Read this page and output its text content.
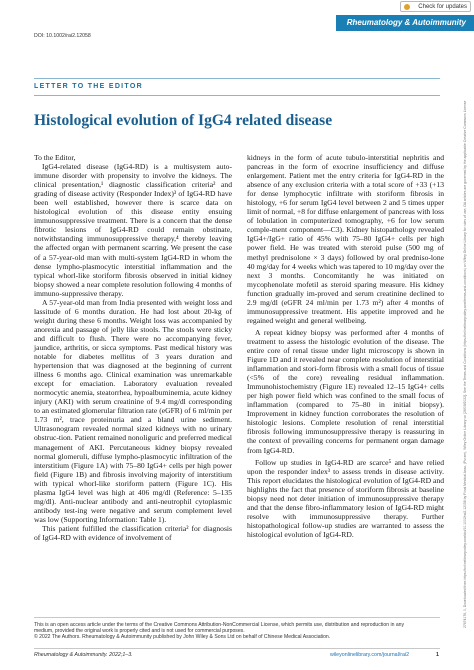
Check for updates
Rheumatology & Autoimmunity
DOI: 10.1002/rai2.12058
LETTER TO THE EDITOR
Histological evolution of IgG4 related disease

To the Editor,

IgG4-related disease (IgG4-RD) is a multisystem auto-immune disorder with propensity to involve the kidneys. The clinical presentation,¹ diagnostic classification criteria² and grading of disease activity (Responder Index)³ of IgG4-RD have been well established, however there is scarce data on histological evolution of this disease entity ensuing immunosuppressive treatment. There is a concern that the dense fibrotic lesions of IgG4-RD could remain obstinate, notwithstanding immunosuppressive therapy,⁴ thereby leaving the affected organ with permanent scarring. We present the case of a 57-year-old man with multi-system IgG4-RD in whom the dense lympho-plasmocytic interstitial inflammation and the typical whorl-like storiform fibrosis observed in initial kidney biopsy showed a near complete resolution following 4 months of immuno-suppressive therapy.

A 57-year-old man from India presented with weight loss and lassitude of 6 months duration. He had lost about 20-kg of weight during these 6 months. Weight loss was accompanied by anorexia and passage of jelly like stools. The stools were sticky and difficult to flush. There were no accompanying fever, jaundice, arthritis, or sicca symptoms. Past medical history was notable for diabetes mellitus of 3 years duration and hypertension that was diagnosed at the beginning of current illness 6 months ago. Clinical examination was unremarkable except for emaciation. Laboratory evaluation revealed normocytic anemia, steatorrhea, hypoalbuminemia, acute kidney injury (AKI) with serum creatinine of 9.4 mg/dl corresponding to an estimated glomerular filtration rate (eGFR) of 6 ml/min per 1.73 m², trace proteinuria and a bland urine sediment. Ultrasonogram revealed normal sized kidneys with no urinary obstruc-tion. Patient remained nonoliguric and preferred medical management of AKI. Percutaneous kidney biopsy revealed normal glomeruli, diffuse lympho-plasmocytic infiltration of the interstitium (Figure 1A) with 75–80 IgG4+ cells per high power field (Figure 1B) and fibrosis involving majority of interstitium with typical whorl-like storiform pattern (Figure 1C). His plasma IgG4 level was high at 406 mg/dl (Reference: 5–135 mg/dl). Anti-nuclear antibody and anti-neutrophil cytoplasmic antibody test-ing were negative and serum complement level was low (Supporting Information: Table 1).

This patient fulfilled the classification criteria² for diagnosis of IgG4-RD with evidence of involvement of

kidneys in the form of acute tubulo-interstitial nephritis and pancreas in the form of exocrine insufficiency and diffuse enlargement. Patient met the entry criteria for IgG4-RD in the absence of any exclusion criteria with a total score of +33 (+13 for dense lymphocytic infiltrate with storiform fibrosis in histology, +6 for serum IgG4 level between 2 and 5 times upper limit of normal, +8 for diffuse enlargement of pancreas with loss of lobulation in computerized tomography, +6 for low serum comple-ment component—C3). Kidney histopathology revealed IgG4+/IgG+ ratio of 45% with 75–80 IgG4+ cells per high power field. He was treated with steroid pulse (500 mg of methyl prednisolone × 3 days) followed by oral predniso-lone 40 mg/day for 4 weeks which was tapered to 10 mg/day over the next 3 months. Concomitantly he was initiated on mycophenolate mofetil as steroid sparing measure. His kidney function gradually im-proved and serum creatinine declined to 2.9 mg/dl (eGFR 24 ml/min per 1.73 m²) after 4 months of immunosuppressive treatment. His appetite improved and he regained weight and general wellbeing.

A repeat kidney biopsy was performed after 4 months of treatment to assess the histologic evolution of the disease. The entire core of renal tissue under light microscopy is shown in Figure 1D and it revealed near complete resolution of interstitial inflammation and stori-form fibrosis with a small focus of tissue (<5% of the core) revealing residual inflammation. Immunohistochemistry (Figure 1E) revealed 12–15 IgG4+ cells per high power field which was confined to the small focus of inflammation (compared to 75–80 in initial biopsy). Improvement in kidney function corroborates the resolution of histologic lesions. Complete resolution of renal interstitial fibrosis following immunosuppressive therapy is reassuring in the context of prevailing concerns for permanent organ damage from IgG4-RD.

Follow up studies in IgG4-RD are scarce⁵ and have relied upon the responder index³ to assess trends in disease activity. This report elucidates the histological evolution of IgG4-RD and highlights the fact that presence of storiform fibrosis at baseline biopsy need not deter initiation of immunosuppressive therapy and that the dense fibro-inflammatory lesion of IgG4-RD might resolve with immunosuppressive therapy. Further histopathological follow-up studies are warranted to assess the histological evolution of IgG4-RD.	27674176, 0, Downloaded from https://onlinelibrary.wiley.com/doi/10.1002/rai2.12058 by Fiinal Medical Asso. (Purzer), Wiley Online Library on [26/09/2022]. See the Terms and Conditions (https://onlinelibrary.wiley.com/terms-and-conditions) on Wiley Online Library for rules of use; OA articles are governed by the applicable Creative Commons License
This is an open access article under the terms of the Creative Commons Attribution-NonCommercial License, which permits use, distribution and reproduction in any
medium, provided the original work is properly cited and is not used for commercial purposes.
© 2022 The Authors. Rheumatology & Autoimmunity published by John Wiley & Sons Ltd on behalf of Chinese Medical Association.
Rheumatology & Autoimmunity. 2022;1–3.	wileyonlinelibrary.com/journal/rai2	1
